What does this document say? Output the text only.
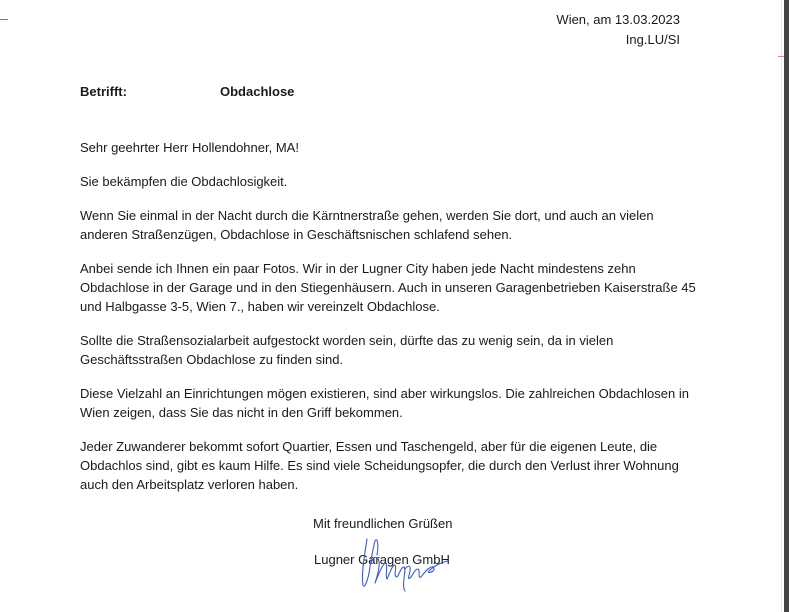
Wien, am 13.03.2023
Ing.LU/SI
Betrifft:	Obdachlose

Sehr geehrter Herr Hollendohner, MA!

Sie bekämpfen die Obdachlosigkeit.

Wenn Sie einmal in der Nacht durch die Kärntnerstraße gehen, werden Sie dort, und auch an vielen anderen Straßenzügen, Obdachlose in Geschäftsnischen schlafend sehen.

Anbei sende ich Ihnen ein paar Fotos. Wir in der Lugner City haben jede Nacht mindestens zehn Obdachlose in der Garage und in den Stiegenhäusern. Auch in unseren Garagenbetrieben Kaiserstraße 45 und Halbgasse 3-5, Wien 7., haben wir vereinzelt Obdachlose.

Sollte die Straßensozialarbeit aufgestockt worden sein, dürfte das zu wenig sein, da in vielen Geschäftsstraßen Obdachlose zu finden sind.

Diese Vielzahl an Einrichtungen mögen existieren, sind aber wirkungslos. Die zahlreichen Obdachlosen in Wien zeigen, dass Sie das nicht in den Griff bekommen.

Jeder Zuwanderer bekommt sofort Quartier, Essen und Taschengeld, aber für die eigenen Leute, die Obdachlos sind, gibt es kaum Hilfe. Es sind viele Scheidungsopfer, die durch den Verlust ihrer Wohnung auch den Arbeitsplatz verloren haben.

Mit freundlichen Grüßen
Lugner Garagen GmbH
